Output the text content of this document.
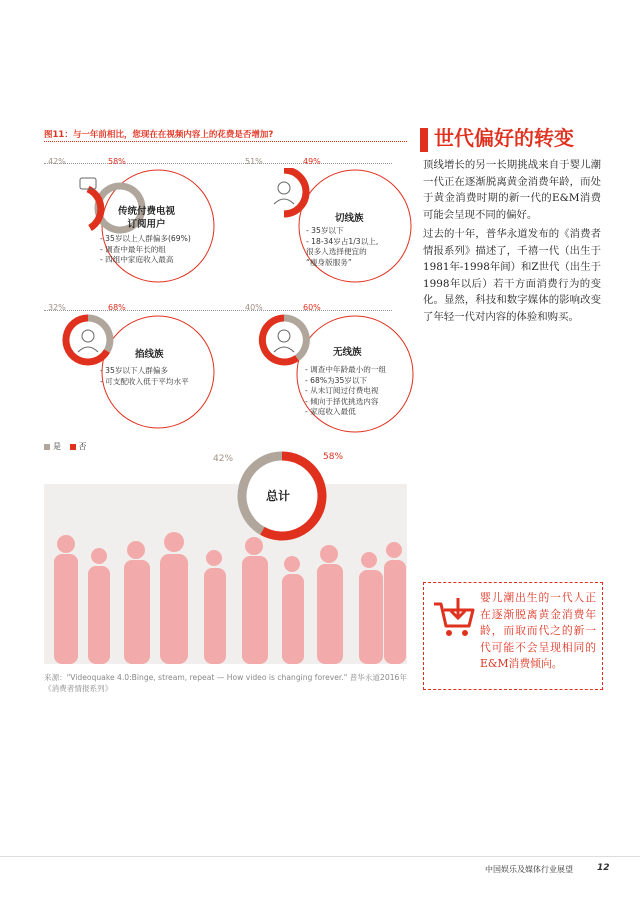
图11：与一年前相比，您现在在视频内容上的花费是否增加?	世代偏好的转变
顶线增长的另一长期挑战来自于婴儿潮一代正在逐渐脱离黄金消费年龄，而处于黄金消费时期的新一代的E&M消费可能会呈现不同的偏好。
过去的十年，普华永道发布的《消费者情报系列》描述了，千禧一代（出生于1981年-1998年间）和Z世代（出生于1998年以后）若干方面消费行为的变化。显然，科技和数字媒体的影响改变了年轻一代对内容的体验和购买。
42%	58%
传统付费电视
订阅用户
- 35岁以上人群偏多(69%)
- 调查中最年长的组
- 四组中家庭收入最高
51%	49%
切线族
- 35岁以下
- 18-34岁占1/3以上,
很多人选择便宜的
“瘦身版服务”
32%	68%
掐线族
- 35岁以下人群偏多
- 可支配收入低于平均水平
40%	60%
无线族
- 调查中年龄最小的一组
- 68%为35岁以下
- 从未订阅过付费电视
- 倾向于择优挑选内容
- 家庭收入最低
是 否
42%	58%
总计
来源："Videoquake 4.0:Binge, stream, repeat — How video is changing forever." 普华永道2016年《消费者情报系列》
婴儿潮出生的一代人正在逐渐脱离黄金消费年龄，而取而代之的新一代可能不会呈现相同的E&M消费倾向。
中国娱乐及媒体行业展望	12
